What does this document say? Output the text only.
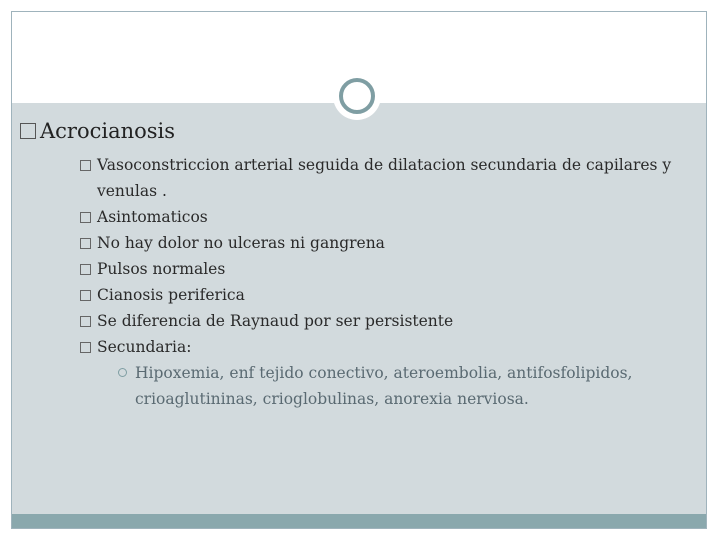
Acrocianosis
Vasoconstriccion arterial seguida de dilatacion secundaria de capilares y venulas .
Asintomaticos
No hay dolor no ulceras ni gangrena
Pulsos normales
Cianosis periferica
Se diferencia de Raynaud por ser persistente
Secundaria:
Hipoxemia, enf tejido conectivo, ateroembolia, antifosfolipidos, crioaglutininas, crioglobulinas, anorexia nerviosa.
